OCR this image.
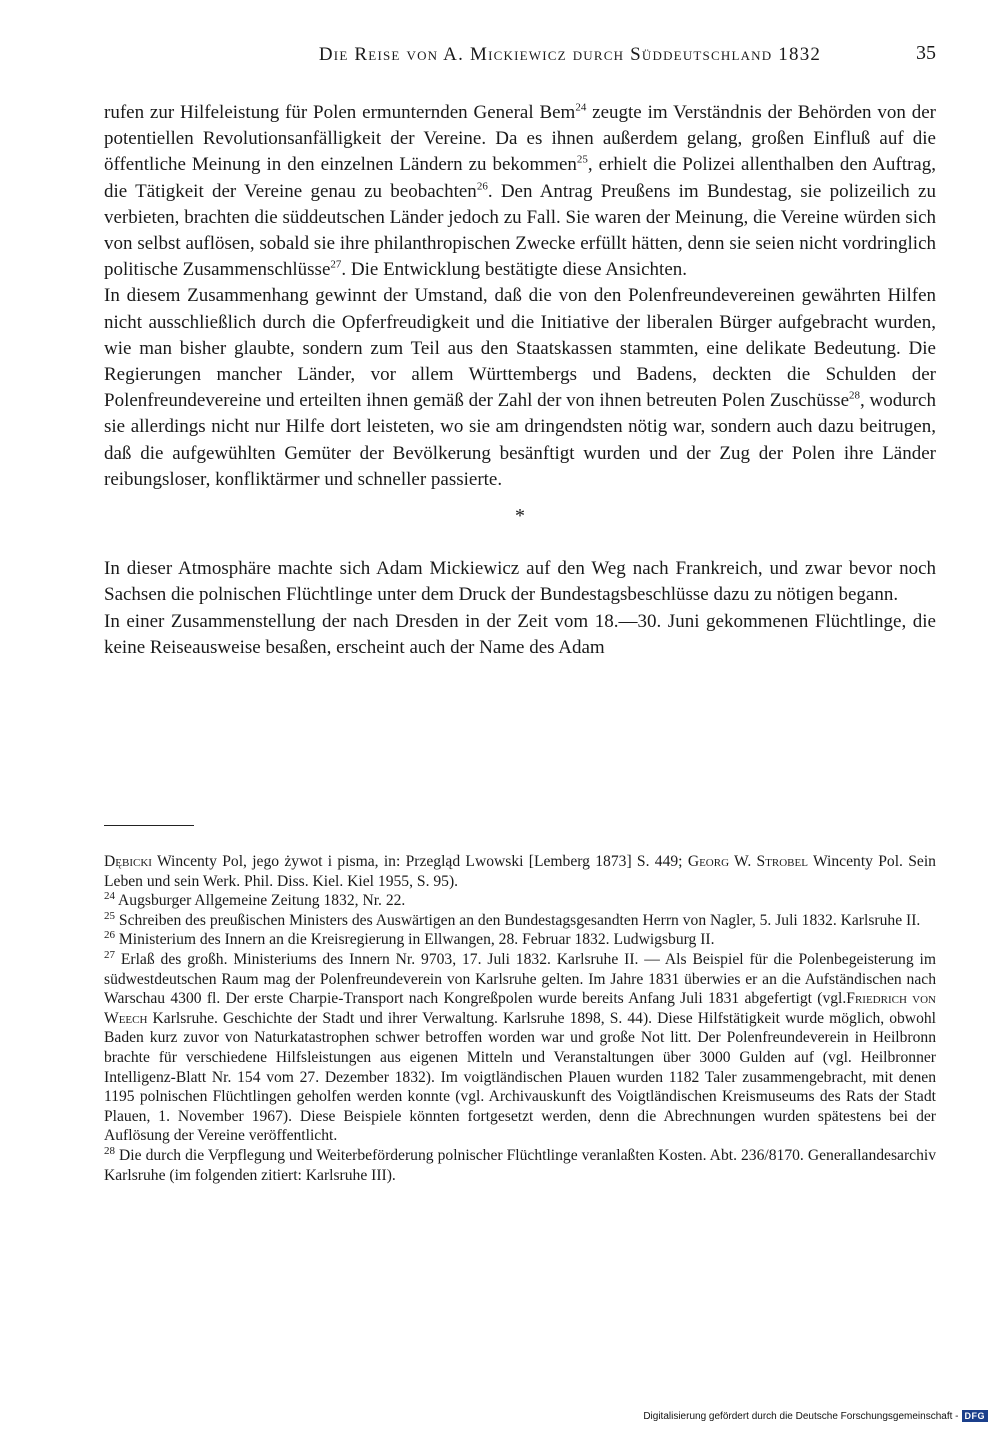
Die Reise von A. Mickiewicz durch Süddeutschland 1832	35

rufen zur Hilfeleistung für Polen ermunternden General Bem$^{24}$ zeugte im Verständnis der Behörden von der potentiellen Revolutionsanfälligkeit der Vereine. Da es ihnen außerdem gelang, großen Einfluß auf die öffentliche Meinung in den einzelnen Ländern zu bekommen$^{25}$, erhielt die Polizei allenthalben den Auftrag, die Tätigkeit der Vereine genau zu beobachten$^{26}$. Den Antrag Preußens im Bundestag, sie polizeilich zu verbieten, brachten die süddeutschen Länder jedoch zu Fall. Sie waren der Meinung, die Vereine würden sich von selbst auflösen, sobald sie ihre philanthropischen Zwecke erfüllt hätten, denn sie seien nicht vordringlich politische Zusammenschlüsse$^{27}$. Die Entwicklung bestätigte diese Ansichten.

In diesem Zusammenhang gewinnt der Umstand, daß die von den Polenfreundevereinen gewährten Hilfen nicht ausschließlich durch die Opferfreudigkeit und die Initiative der liberalen Bürger aufgebracht wurden, wie man bisher glaubte, sondern zum Teil aus den Staatskassen stammten, eine delikate Bedeutung. Die Regierungen mancher Länder, vor allem Württembergs und Badens, deckten die Schulden der Polenfreundevereine und erteilten ihnen gemäß der Zahl der von ihnen betreuten Polen Zuschüsse$^{28}$, wodurch sie allerdings nicht nur Hilfe dort leisteten, wo sie am dringendsten nötig war, sondern auch dazu beitrugen, daß die aufgewühlten Gemüter der Bevölkerung besänftigt wurden und der Zug der Polen ihre Länder reibungsloser, konfliktärmer und schneller passierte.

*

In dieser Atmosphäre machte sich Adam Mickiewicz auf den Weg nach Frankreich, und zwar bevor noch Sachsen die polnischen Flüchtlinge unter dem Druck der Bundestagsbeschlüsse dazu zu nötigen begann.

In einer Zusammenstellung der nach Dresden in der Zeit vom 18.—30. Juni gekommenen Flüchtlinge, die keine Reiseausweise besaßen, erscheint auch der Name des Adam

Dębicki Wincenty Pol, jego żywot i pisma, in: Przegląd Lwowski [Lemberg 1873] S. 449; Georg W. Strobel Wincenty Pol. Sein Leben und sein Werk. Phil. Diss. Kiel. Kiel 1955, S. 95).

$^{24}$ Augsburger Allgemeine Zeitung 1832, Nr. 22.

$^{25}$ Schreiben des preußischen Ministers des Auswärtigen an den Bundestagsgesandten Herrn von Nagler, 5. Juli 1832. Karlsruhe II.

$^{26}$ Ministerium des Innern an die Kreisregierung in Ellwangen, 28. Februar 1832. Ludwigsburg II.

$^{27}$ Erlaß des großh. Ministeriums des Innern Nr. 9703, 17. Juli 1832. Karlsruhe II. — Als Beispiel für die Polenbegeisterung im südwestdeutschen Raum mag der Polenfreundeverein von Karlsruhe gelten. Im Jahre 1831 überwies er an die Aufständischen nach Warschau 4300 fl. Der erste Charpie-Transport nach Kongreßpolen wurde bereits Anfang Juli 1831 abgefertigt (vgl.Friedrich von Weech Karlsruhe. Geschichte der Stadt und ihrer Verwaltung. Karlsruhe 1898, S. 44). Diese Hilfstätigkeit wurde möglich, obwohl Baden kurz zuvor von Naturkatastrophen schwer betroffen worden war und große Not litt. Der Polenfreundeverein in Heilbronn brachte für verschiedene Hilfsleistungen aus eigenen Mitteln und Veranstaltungen über 3000 Gulden auf (vgl. Heilbronner Intelligenz-Blatt Nr. 154 vom 27. Dezember 1832). Im voigtländischen Plauen wurden 1182 Taler zusammengebracht, mit denen 1195 polnischen Flüchtlingen geholfen werden konnte (vgl. Archivauskunft des Voigtländischen Kreismuseums des Rats der Stadt Plauen, 1. November 1967). Diese Beispiele könnten fortgesetzt werden, denn die Abrechnungen wurden spätestens bei der Auflösung der Vereine veröffentlicht.

$^{28}$ Die durch die Verpflegung und Weiterbeförderung polnischer Flüchtlinge veranlaßten Kosten. Abt. 236/8170. Generallandesarchiv Karlsruhe (im folgenden zitiert: Karlsruhe III).

Digitalisierung gefördert durch die Deutsche Forschungsgemeinschaft - DFG
